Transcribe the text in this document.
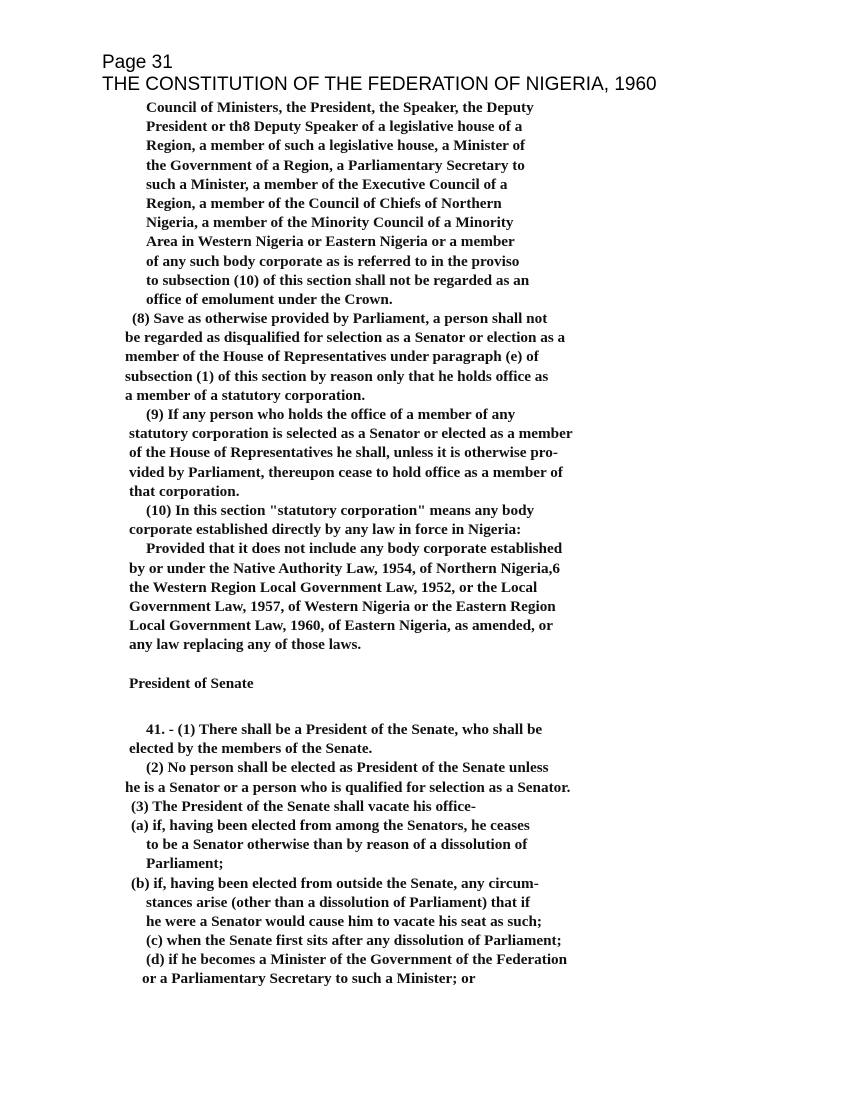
Page 31
THE CONSTITUTION OF THE FEDERATION OF NIGERIA, 1960
Council of Ministers, the President, the Speaker, the Deputy
President or th8 Deputy Speaker of a legislative house of a
Region, a member of such a legislative house, a Minister of
the Government of a Region, a Parliamentary Secretary to
such a Minister, a member of the Executive Council of a
Region, a member of the Council of Chiefs of Northern
Nigeria, a member of the Minority Council of a Minority
Area in Western Nigeria or Eastern Nigeria or a member
of any such body corporate as is referred to in the proviso
to subsection (10) of this section shall not be regarded as an
office of emolument under the Crown.
(8) Save as otherwise provided by Parliament, a person shall not
be regarded as disqualified for selection as a Senator or election as a
member of the House of Representatives under paragraph (e) of
subsection (1) of this section by reason only that he holds office as
a member of a statutory corporation.
(9) If any person who holds the office of a member of any
statutory corporation is selected as a Senator or elected as a member
of the House of Representatives he shall, unless it is otherwise pro-
vided by Parliament, thereupon cease to hold office as a member of
that corporation.
(10) In this section "statutory corporation" means any body
corporate established directly by any law in force in Nigeria:
Provided that it does not include any body corporate established
by or under the Native Authority Law, 1954, of Northern Nigeria,6
the Western Region Local Government Law, 1952, or the Local
Government Law, 1957, of Western Nigeria or the Eastern Region
Local Government Law, 1960, of Eastern Nigeria, as amended, or
any law replacing any of those laws.
President of Senate
41. - (1) There shall be a President of the Senate, who shall be
elected by the members of the Senate.
(2) No person shall be elected as President of the Senate unless
he is a Senator or a person who is qualified for selection as a Senator.
(3) The President of the Senate shall vacate his office-
(a) if, having been elected from among the Senators, he ceases
to be a Senator otherwise than by reason of a dissolution of
Parliament;
(b) if, having been elected from outside the Senate, any circum-
stances arise (other than a dissolution of Parliament) that if
he were a Senator would cause him to vacate his seat as such;
(c) when the Senate first sits after any dissolution of Parliament;
(d) if he becomes a Minister of the Government of the Federation
or a Parliamentary Secretary to such a Minister; or
